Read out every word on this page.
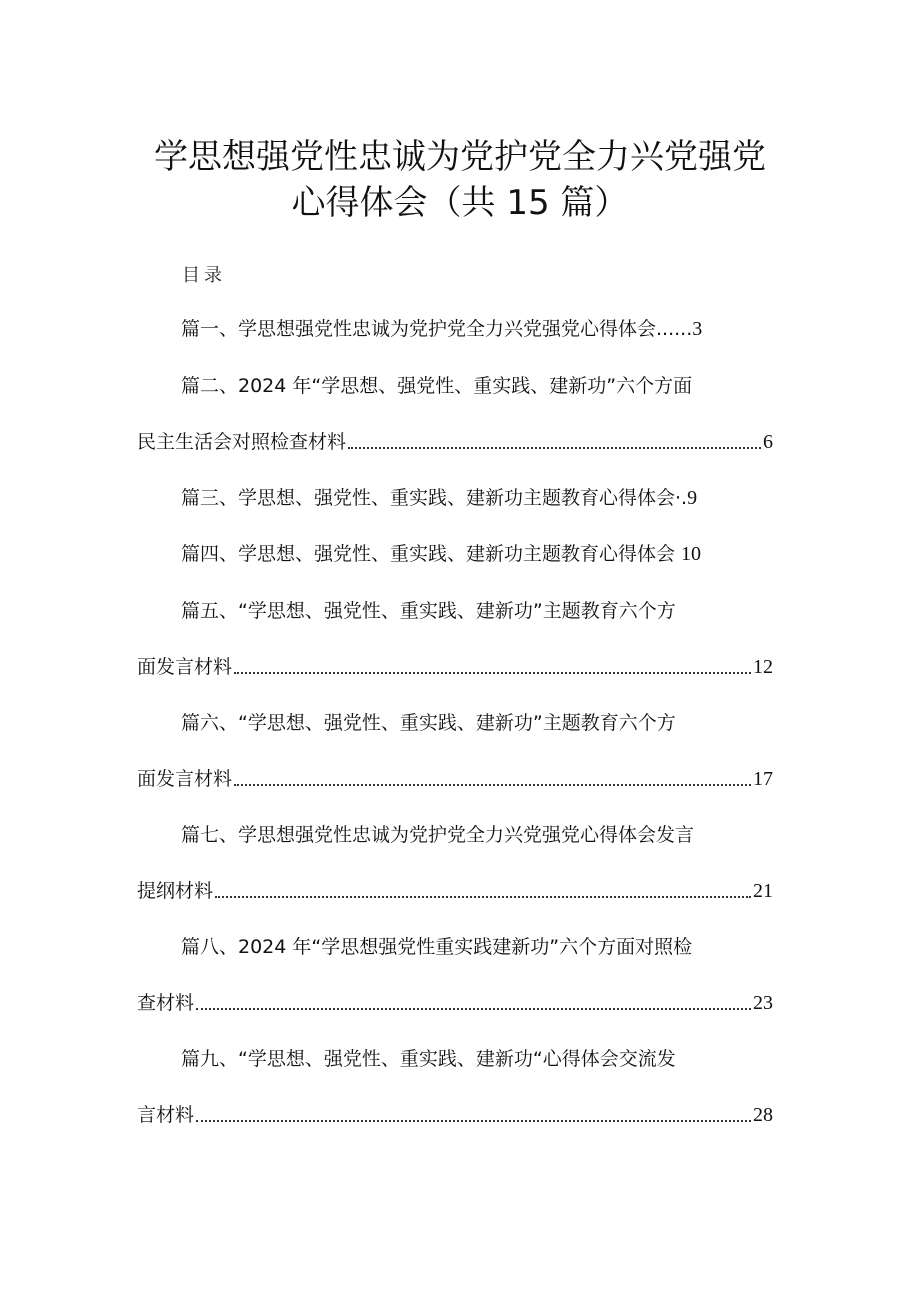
学思想强党性忠诚为党护党全力兴党强党
心得体会（共 15 篇）
目录
篇一、学思想强党性忠诚为党护党全力兴党强党心得体会......3
篇二、2024 年“学思想、强党性、重实践、建新功”六个方面
民主生活会对照检查材料	6
篇三、学思想、强党性、重实践、建新功主题教育心得体会·.9
篇四、学思想、强党性、重实践、建新功主题教育心得体会 10
篇五、“学思想、强党性、重实践、建新功”主题教育六个方
面发言材料	12
篇六、“学思想、强党性、重实践、建新功”主题教育六个方
面发言材料	17
篇七、学思想强党性忠诚为党护党全力兴党强党心得体会发言
提纲材料	21
篇八、2024 年“学思想强党性重实践建新功”六个方面对照检
查材料	23
篇九、“学思想、强党性、重实践、建新功“心得体会交流发
言材料	28
